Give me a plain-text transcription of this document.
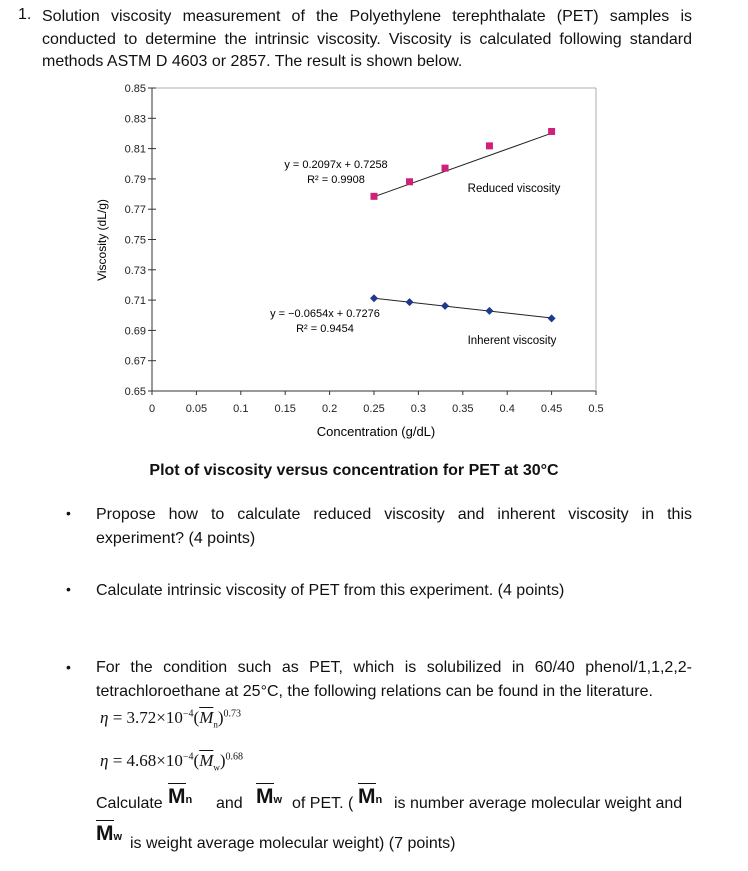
1. Solution viscosity measurement of the Polyethylene terephthalate (PET) samples is
conducted to determine the intrinsic viscosity. Viscosity is calculated following standard
methods ASTM D 4603 or 2857. The result is shown below.
0.85
0.83
0.81
0.79
0.77
0.75
0.73
0.71
0.69
0.67
0.65
0	0.05 0.1 0.15 0.2 0.25 0.3 0.35 0.4 0.45 0.5
y = 0.2097x + 0.7258
R² = 0.9908
Reduced viscosity
y = −0.0654x + 0.7276
R² = 0.9454
Inherent viscosity
Concentration (g/dL)
Viscosity (dL/g)
Plot of viscosity versus concentration for PET at 30°C
• Propose how to calculate reduced viscosity and inherent viscosity in this
experiment? (4 points)
• Calculate intrinsic viscosity of PET from this experiment. (4 points)
• For the condition such as PET, which is solubilized in 60/40 phenol/1,1,2,2-
tetrachloroethane at 25°C, the following relations can be found in the literature.
$\eta = 3.72\times 10^{-4}(\overline{M}_n)^{0.73}$
$\eta = 4.68\times 10^{-4}(\overline{M}_w)^{0.68}$
Calculate Mn and Mw of PET. ( Mn is number average molecular weight and
Mw is weight average molecular weight) (7 points)
